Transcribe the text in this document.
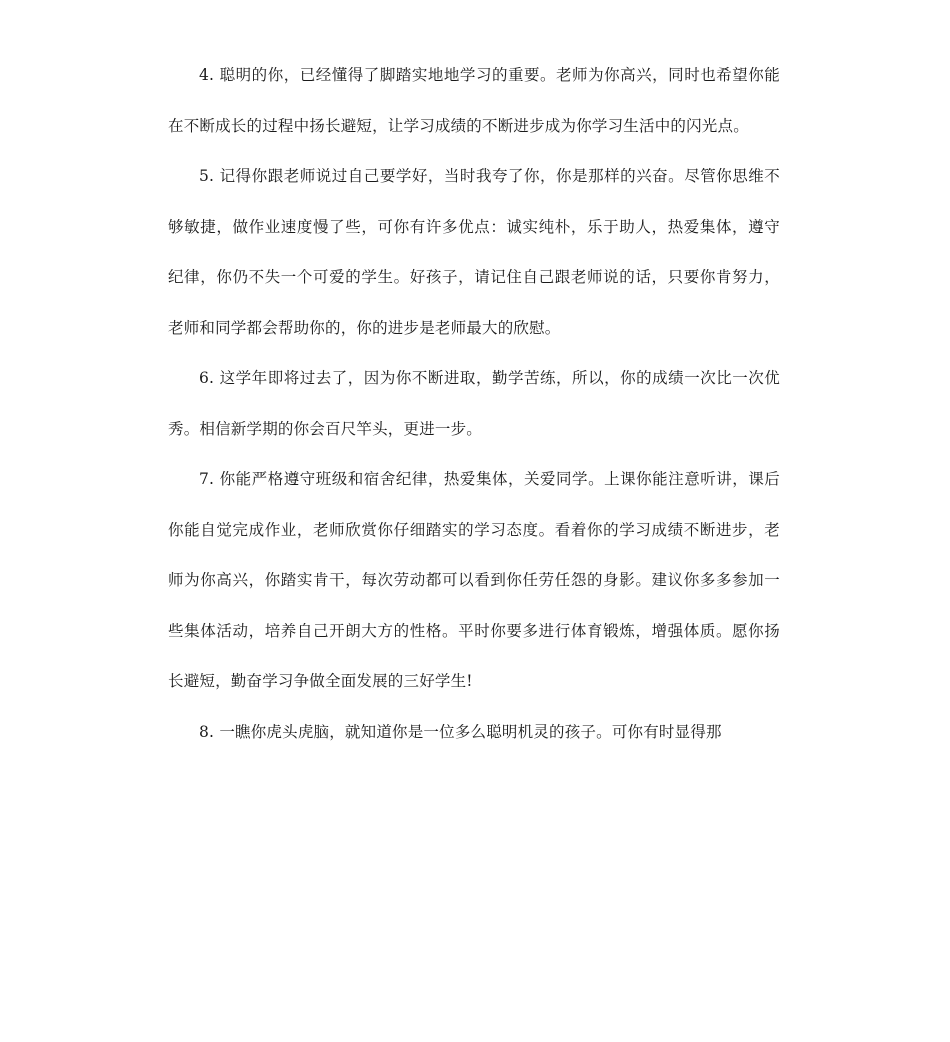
4. 聪明的你，已经懂得了脚踏实地地学习的重要。老师为你高兴，同时也希望你能在不断成长的过程中扬长避短，让学习成绩的不断进步成为你学习生活中的闪光点。

5. 记得你跟老师说过自己要学好，当时我夸了你，你是那样的兴奋。尽管你思维不够敏捷，做作业速度慢了些，可你有许多优点：诚实纯朴，乐于助人，热爱集体，遵守纪律，你仍不失一个可爱的学生。好孩子，请记住自己跟老师说的话，只要你肯努力，老师和同学都会帮助你的，你的进步是老师最大的欣慰。

6. 这学年即将过去了，因为你不断进取，勤学苦练，所以，你的成绩一次比一次优秀。相信新学期的你会百尺竿头，更进一步。

7. 你能严格遵守班级和宿舍纪律，热爱集体，关爱同学。上课你能注意听讲，课后你能自觉完成作业，老师欣赏你仔细踏实的学习态度。看着你的学习成绩不断进步，老师为你高兴，你踏实肯干，每次劳动都可以看到你任劳任怨的身影。建议你多多参加一些集体活动，培养自己开朗大方的性格。平时你要多进行体育锻炼，增强体质。愿你扬长避短，勤奋学习争做全面发展的三好学生!

8. 一瞧你虎头虎脑，就知道你是一位多么聪明机灵的孩子。可你有时显得那
